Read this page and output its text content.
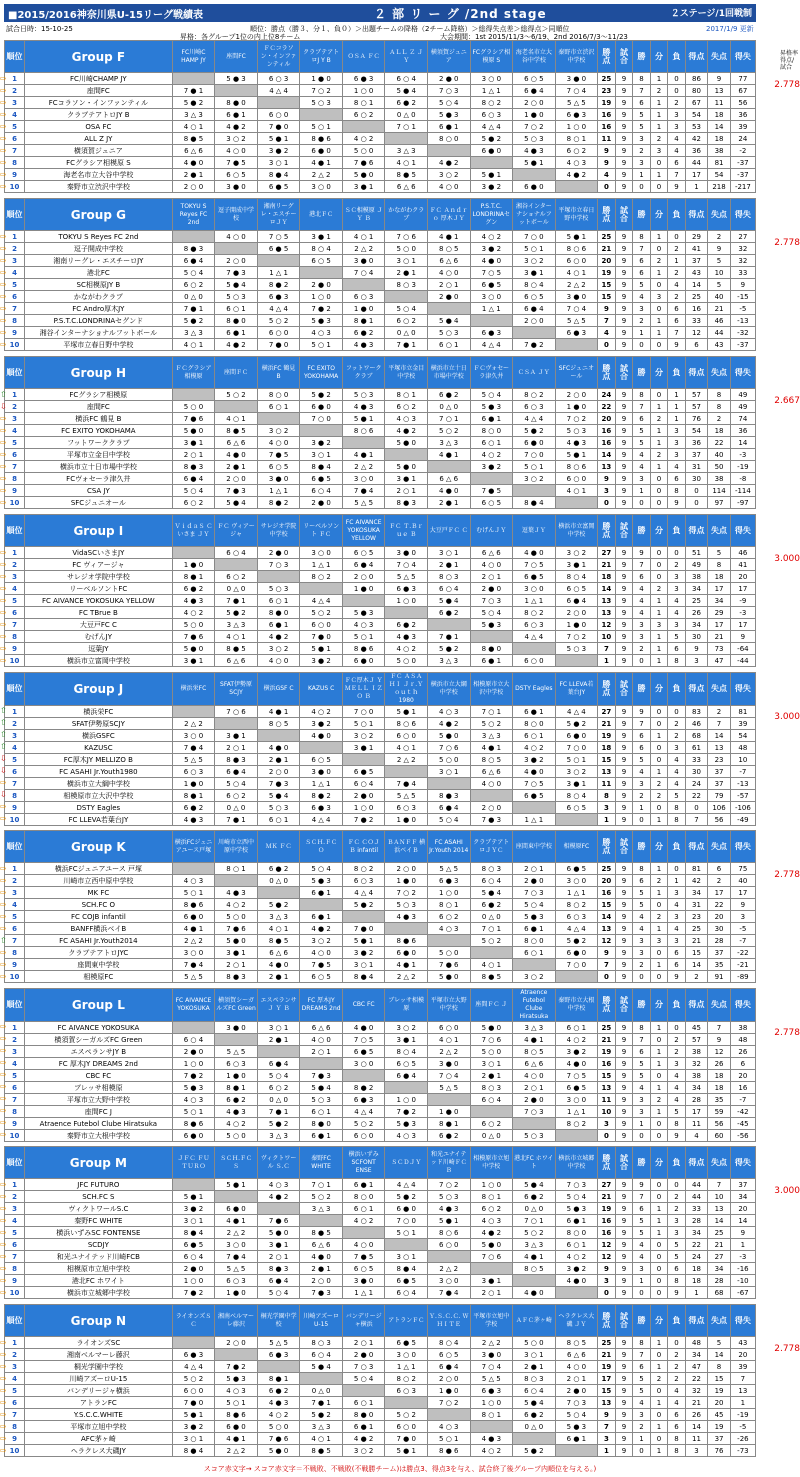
■2015/2016神奈川県U-15リーグ戦績表	２ 部 リ ー グ /2nd stage	２ステージ/1回戦制
試合日時：15-10-25	順位：勝点（勝３、分１、負０）＞出題チームの降格（2チーム降格）＞総得失点差＞総得点＞同順位
昇格：各グループ1位の内上位8チーム	大会期間：1st 2015/11/3～6/19、2nd 2016/7/3～11/23
2017/1/9 更新
昇格率 得点/試合
順位	Group F	FC川崎C HAMP JY	座間FC	ＦＣコラソン・インファンティル	クラブテアトロJ Y B	ＯＳＡ ＦＣ	ＡＬＬ Ｚ ＪＹ	横須賀ジュニア	FCグラシア相模原 S	海老名市立大谷中学校	秦野市立渋沢中学校	勝点	試合	勝	分	負	得点	失点	得失
1	FC川崎CHAMP JY		5 ● 3	6 ○ 3	1 ● 0	6 ● 3	6 ○ 4	2 ● 0	3 ○ 0	6 ○ 5	3 ● 0	25	9	8	1	0	86	9	77
2	座間FC	7 ● 1		4 △ 4	7 ○ 2	1 ○ 0	5 ● 4	7 ○ 3	1 △ 1	6 ● 4	7 ○ 4	23	9	7	2	0	80	13	67
3	FCコラソン・インファンティル	5 ● 2	8 ● 0		5 ○ 3	8 ○ 1	6 ● 2	5 ○ 4	8 ○ 2	2 ○ 0	5 △ 5	19	9	6	1	2	67	11	56
4	クラブテアトロJY B	3 △ 3	6 ● 1	6 ○ 0		6 ○ 2	0 △ 0	5 ● 3	6 ○ 3	1 ● 0	6 ● 3	16	9	5	1	3	54	18	36
5	OSA FC	4 ○ 1	4 ● 2	7 ● 0	5 ○ 1		7 ○ 1	6 ● 1	4 △ 4	7 ○ 2	1 ○ 0	16	9	5	1	3	53	14	39
6	ALL Z JY	8 ● 5	3 ○ 2	5 ● 1	8 ● 6	4 ○ 2		8 ○ 0	5 ● 2	5 ○ 3	8 ○ 1	11	9	3	2	4	42	18	24
7	横須賀ジュニア	6 △ 6	4 ○ 0	3 ● 2	6 ● 0	5 ○ 0	3 △ 3		6 ● 0	4 ● 3	6 ○ 2	9	9	2	3	4	36	38	-2
8	FCグラシア相模原 S	4 ● 0	7 ● 5	3 ○ 1	4 ● 1	7 ● 6	4 ○ 1	4 ● 2		5 ● 1	4 ○ 3	9	9	3	0	6	44	81	-37
9	海老名市立大谷中学校	2 ● 1	6 ○ 5	8 ● 4	2 △ 2	5 ● 0	8 ● 5	3 ○ 2	5 ● 1		4 ● 2	4	9	1	1	7	17	54	-37
10	秦野市立渋沢中学校	2 ○ 0	3 ● 0	6 ● 5	3 ○ 0	3 ● 1	6 △ 6	4 ○ 0	3 ● 2	6 ● 0		0	9	0	0	9	1	218	-217
⇨
⇨
⇨
⇨
⇨
⇨
⇨
⇨
⇨
⇨
2.778
順位	Group G	TOKYU S Reyes FC 2nd	逗子開成中学校	湘南リーグレ・エスチーロＪＹ	港北ＦＣ	ＳＣ相模原 ＪＹ Ｂ	かながわクラブ	ＦＣ Ａｎｄｒｏ 厚木ＪＹ	P.S.T.C. LONDRINAセグン	湘谷インターナショナルフットボール	平塚市立春日野中学校	勝点	試合	勝	分	負	得点	失点	得失
1	TOKYU S Reyes FC 2nd		4 ○ 0	7 ○ 5	3 ● 1	4 ○ 1	7 ○ 6	4 ● 1	4 ○ 2	7 ○ 0	5 ● 1	25	9	8	1	0	29	2	27
2	逗子開成中学校	8 ● 3		6 ● 5	8 ○ 4	2 △ 2	5 ○ 0	8 ○ 5	3 ● 2	5 ○ 1	8 ○ 6	21	9	7	0	2	41	9	32
3	湘南リーグレ・エスチーロJY	6 ● 4	2 ○ 0		6 ○ 5	3 ● 0	3 ○ 1	6 △ 6	4 ● 0	3 ○ 2	6 ○ 0	20	9	6	2	1	37	5	32
4	港北FC	5 ○ 4	7 ● 3	1 △ 1		7 ○ 4	2 ● 1	4 ○ 0	7 ○ 5	3 ● 1	4 ○ 1	19	9	6	1	2	43	10	33
5	SC相模原JY B	6 ○ 2	5 ● 4	8 ● 2	2 ● 0		8 ○ 3	2 ○ 1	6 ● 5	8 ○ 4	2 △ 2	15	9	5	0	4	14	5	9
6	かながわクラブ	0 △ 0	5 ○ 3	6 ● 3	1 ○ 0	6 ○ 3		2 ● 0	3 ○ 0	6 ○ 5	3 ● 0	15	9	4	3	2	25	40	-15
7	FC Andro厚木JY	7 ● 1	6 ○ 1	4 △ 4	7 ● 2	1 ● 0	5 ○ 4		1 △ 1	6 ● 4	7 ○ 4	9	9	3	0	6	16	21	-5
8	P.S.T.C.LONDRINAセグンド	5 ● 2	8 ● 0	5 ○ 2	5 ● 3	8 ● 1	6 ○ 2	5 ● 4		2 ○ 0	5 △ 5	7	9	2	1	6	33	46	-13
9	湘谷インターナショナルフットボール	3 △ 3	6 ● 1	6 ○ 0	4 ○ 3	6 ● 2	0 △ 0	5 ○ 3	6 ● 3		6 ● 3	4	9	1	1	7	12	44	-32
10	平塚市立春日野中学校	4 ○ 1	4 ● 2	7 ● 0	5 ○ 1	4 ● 3	7 ● 1	6 ○ 1	4 △ 4	7 ● 2		0	9	0	0	9	6	43	-37
⇨
⇨
⇨
⇨
⇨
⇨
⇨
⇨
⇨
⇨
2.778
順位	Group H	ＦＣグラシア相模原	座間ＦＣ	横浜FC 鶴見 B	FC EXITO YOKOHAMA	フットワーククラブ	平塚市立金目中学校	横浜市立十日市場中学校	ＦＣヴォセーラ津久井	ＣＳＡ ＪＹ	SFCジュニオール	勝点	試合	勝	分	負	得点	失点	得失
1	FCグラシア相模原		5 ○ 2	8 ○ 0	5 ● 2	5 ○ 3	8 ○ 1	6 ● 2	5 ○ 4	8 ○ 2	2 ○ 0	24	9	8	0	1	57	8	49
2	座間FC	5 ○ 0		6 ○ 1	6 ● 0	4 ● 3	6 ○ 2	0 △ 0	5 ● 3	6 ○ 3	1 ● 0	22	9	7	1	1	57	8	49
3	横浜FC 鶴見 B	7 ● 6	4 ○ 1		7 ○ 0	5 ● 1	4 ○ 3	7 ○ 1	6 ● 1	4 △ 4	7 ○ 2	20	9	6	2	1	76	2	74
4	FC EXITO YOKOHAMA	5 ● 0	8 ● 5	3 ○ 2		8 ○ 6	4 ● 2	5 ○ 2	8 ○ 0	5 ● 2	5 ○ 3	16	9	5	1	3	54	18	36
5	フットワーククラブ	3 ● 1	6 △ 6	4 ○ 0	3 ● 2		5 ● 0	3 △ 3	6 ○ 1	6 ● 0	4 ● 3	16	9	5	1	3	36	22	14
6	平塚市立金目中学校	2 ○ 1	4 ● 0	7 ● 5	3 ○ 1	4 ● 1		4 ● 1	4 ○ 2	7 ○ 0	5 ● 1	14	9	4	2	3	37	40	-3
7	横浜市立十日市場中学校	8 ● 3	2 ● 1	6 ○ 5	8 ● 4	2 △ 2	5 ● 0		3 ● 2	5 ○ 1	8 ○ 6	13	9	4	1	4	31	50	-19
8	FCヴォセーラ津久井	6 ● 4	2 ○ 0	3 ● 0	6 ● 5	3 ○ 0	3 ● 1	6 △ 6		3 ○ 2	6 ○ 0	9	9	3	0	6	30	38	-8
9	CSA JY	5 ○ 4	7 ● 3	1 △ 1	6 ○ 4	7 ● 4	2 ○ 1	4 ● 0	7 ● 5		4 ○ 1	3	9	1	0	8	0	114	-114
10	SFCジュニオール	6 ○ 2	5 ● 4	8 ● 2	2 ● 0	5 △ 5	8 ● 3	2 ● 1	6 ○ 5	8 ● 4		0	9	0	0	9	0	97	-97
⇧
⇩
⇨
⇨
⇨
⇨
⇨
⇨
⇨
⇨
2.667
順位	Group I	ＶｉｄａＳ Ｃいさま ＪＹ	ＦＣ ヴィアージャ	サレジオ学院中学校	リーベルソント ＦＣ	FC AIVANCE YOKOSUKA YELLOW	ＦＣ Ｔ.Ｂｒ ｕｅ Ｂ	大豆戸ＦＣ Ｃ	むげんＪＹ	逗葉ＪＹ	横浜市立富岡中学校	勝点	試合	勝	分	負	得点	失点	得失
1	VidaSCいさまJY		6 ○ 4	2 ● 0	3 ○ 0	6 ○ 5	3 ● 0	3 ○ 1	6 △ 6	4 ● 0	3 ○ 2	27	9	9	0	0	51	5	46
2	FC ヴィアージャ	1 ● 0		7 ○ 3	1 △ 1	6 ● 4	7 ○ 4	2 ● 1	4 ○ 0	7 ○ 5	3 ● 1	21	9	7	0	2	49	8	41
3	サレジオ学院中学校	8 ● 1	6 ○ 2		8 ○ 2	2 ○ 0	5 △ 5	8 ○ 3	2 ○ 1	6 ● 5	8 ○ 4	18	9	6	0	3	38	18	20
4	リーベルソントFC	6 ● 2	0 △ 0	5 ○ 3		1 ● 0	6 ● 3	6 ○ 4	2 ● 0	3 ○ 0	6 ○ 5	14	9	4	2	3	34	17	17
5	FC AIVANCE YOKOSUKA YELLOW	4 ● 3	7 ● 1	6 ○ 1	4 △ 4		1 ○ 0	5 ● 4	7 ○ 3	1 △ 1	6 ● 4	13	9	4	1	4	25	34	-9
6	FC TBrue B	4 ○ 2	5 ● 2	8 ● 0	5 ○ 2	5 ● 3		6 ● 2	5 ○ 4	8 ○ 2	2 ○ 0	13	9	4	1	4	26	29	-3
7	大豆戸FC C	5 ○ 0	3 △ 3	6 ● 1	6 ○ 0	4 ○ 3	6 ● 2		5 ● 3	6 ○ 3	1 ● 0	12	9	3	3	3	34	17	17
8	むげんJY	7 ● 6	4 ○ 1	4 ● 2	7 ● 0	5 ○ 1	4 ● 3	7 ● 1		4 △ 4	7 ○ 2	10	9	3	1	5	30	21	9
9	逗葉JY	5 ● 0	8 ● 5	3 ○ 2	5 ● 1	8 ● 6	4 ○ 2	5 ● 2	8 ● 0		5 ○ 3	7	9	2	1	6	9	73	-64
10	横浜市立富岡中学校	3 ● 1	6 △ 6	4 ○ 0	3 ● 2	6 ● 0	5 ○ 0	3 △ 3	6 ● 1	6 ○ 0		1	9	0	1	8	3	47	-44
⇨
⇨
⇨
⇨
⇨
⇨
⇨
⇨
⇨
⇨
3.000
順位	Group J	横浜栄FC	SFAT伊勢原 SCJY	横浜GSF C	KAZUS C	ＦＣ厚木Ｊ Ｙ ＭＥＬＬ ＩＺＯ Ｂ	ＦＣ ＡＳＡ ＨＩ Ｊｒ.Ｙ ｏｕｔｈ 1980	横浜市立大綱中学校	相模原市立大沢中学校	DSTY Eagles	FC LLEVA若葉台JY	勝点	試合	勝	分	負	得点	失点	得失
1	横浜栄FC		7 ○ 6	4 ● 1	4 ○ 2	7 ○ 0	5 ● 1	4 ○ 3	7 ○ 1	6 ● 1	4 △ 4	27	9	9	0	0	83	2	81
2	SFAT伊勢原SCJY	2 △ 2		8 ○ 5	3 ● 2	5 ○ 1	8 ○ 6	4 ● 2	5 ○ 2	8 ○ 0	5 ● 2	21	9	7	0	2	46	7	39
3	横浜GSFC	3 ○ 0	3 ● 1		4 ● 0	3 ○ 2	6 ○ 0	5 ● 0	3 △ 3	6 ○ 1	6 ● 0	19	9	6	1	2	68	14	54
4	KAZUSC	7 ● 4	2 ○ 1	4 ● 0		3 ● 1	4 ○ 1	7 ○ 6	4 ● 1	4 ○ 2	7 ○ 0	18	9	6	0	3	61	13	48
5	FC厚木JY MELLIZO B	5 △ 5	8 ● 3	2 ● 1	6 ○ 5		2 △ 2	5 ○ 0	8 ○ 5	3 ● 2	5 ○ 1	15	9	5	0	4	33	23	10
6	FC ASAHI Jr.Youth1980	6 ○ 3	6 ● 4	2 ○ 0	3 ● 0	6 ● 5		3 ○ 1	6 △ 6	4 ● 0	3 ○ 2	13	9	4	1	4	30	37	-7
7	横浜市立大綱中学校	1 ● 0	5 ○ 4	7 ● 3	1 △ 1	6 ○ 4	7 ● 4		4 ○ 0	7 ○ 5	3 ● 1	11	9	3	2	4	24	37	-13
8	相模原市立大沢中学校	8 ● 1	6 ○ 2	5 ● 4	8 ● 2	2 ● 0	5 △ 5	8 ● 3		6 ● 5	8 ○ 4	8	9	2	2	5	22	79	-57
9	DSTY Eagles	6 ● 2	0 △ 0	5 ○ 3	6 ● 3	1 ○ 0	6 ○ 3	6 ● 4	2 ○ 0		6 ○ 5	3	9	1	0	8	0	106	-106
10	FC LLEVA若葉台JY	4 ● 3	7 ● 1	6 ○ 1	4 △ 4	7 ● 2	1 ● 0	5 ○ 4	7 ● 3	1 △ 1		1	9	0	1	8	7	56	-49
⇧
⇧
⇧
⇧
⇩
⇩
⇨
⇩
⇨
⇨
3.000
順位	Group K	横浜FCジュニアユース戸塚	川崎市立西中原中学校	ＭＫ ＦＣ	ＳＣＨ.ＦＣ Ｏ	ＦＣ ＣＯＪ Ｂ infantil	ＢＡＮＦＦ 横浜ベイＢ	FC ASAHI Jr.Youth 2014	クラブテアトロＪＹＣ	座間東中学校	相模原FC	勝点	試合	勝	分	負	得点	失点	得失
1	横浜FCジュニアユース 戸塚		8 ○ 1	6 ● 2	5 ○ 4	8 ○ 2	2 ○ 0	5 △ 5	8 ○ 3	2 ○ 1	6 ● 5	25	9	8	1	0	81	6	75
2	川崎市立西中原中学校	4 ○ 3		0 △ 0	5 ● 3	6 ○ 3	1 ● 0	6 ● 3	6 ○ 4	2 ● 0	3 ○ 0	20	9	6	2	1	42	2	40
3	MK FC	5 ○ 1	4 ● 3		6 ● 1	4 △ 4	7 ○ 2	1 ○ 0	5 ● 4	7 ○ 3	1 △ 1	16	9	5	1	3	34	17	17
4	SCH.FC O	8 ● 6	4 ○ 2	5 ● 2		5 ● 2	5 ○ 3	8 ○ 1	6 ● 2	5 ○ 4	8 ○ 2	15	9	5	0	4	31	22	9
5	FC COJB infantil	6 ● 0	5 ○ 0	3 △ 3	6 ● 1		4 ● 3	6 ○ 2	0 △ 0	5 ● 3	6 ○ 3	14	9	4	2	3	23	20	3
6	BANFF横浜ベイB	4 ● 1	7 ● 6	4 ○ 1	4 ● 2	7 ● 0		4 ○ 3	7 ○ 1	6 ● 1	4 △ 4	13	9	4	1	4	25	30	-5
7	FC ASAHI Jr.Youth2014	2 △ 2	5 ● 0	8 ● 5	3 ○ 2	5 ● 1	8 ● 6		5 ○ 2	8 ○ 0	5 ● 2	12	9	3	3	3	21	28	-7
8	クラブテアトロJYC	3 ○ 0	3 ● 1	6 △ 6	4 ○ 0	3 ● 2	6 ● 0	5 ○ 0		6 ○ 1	6 ● 0	9	9	3	0	6	15	37	-22
9	座間東中学校	7 ● 4	2 ○ 1	4 ● 0	7 ● 5	3 ○ 1	4 ● 1	7 ● 6	4 ○ 1		7 ○ 0	7	9	2	1	6	14	35	-21
10	相模原FC	5 △ 5	8 ● 3	2 ● 1	6 ○ 5	8 ● 4	2 △ 2	5 ● 0	8 ● 5	3 ○ 2		0	9	0	0	9	2	91	-89
⇨
⇨
⇨
⇨
⇨
⇨
⇧
⇨
⇨
⇨
2.778
順位	Group L	FC AIVANCE YOKOSUKA	横須賀シーガルズFC Green	エスペランサＪ Ｙ Ｂ	FC 厚木JY DREAMS 2nd	CBC FC	ブレッサ相模原	平塚市立大野中学校	座間ＦＣ Ｊ	Atraence Futebol Clube Hiratsuka	秦野市立大根中学校	勝点	試合	勝	分	負	得点	失点	得失
1	FC AIVANCE YOKOSUKA		3 ● 0	3 ○ 1	6 △ 6	4 ● 0	3 ○ 2	6 ○ 0	5 ● 0	3 △ 3	6 ○ 1	25	9	8	1	0	45	7	38
2	横須賀シーガルズFC Green	6 ○ 4		2 ● 1	4 ○ 0	7 ○ 5	3 ● 1	4 ○ 1	7 ○ 6	4 ● 1	4 ○ 2	21	9	7	0	2	57	9	48
3	エスペランサJY B	2 ● 0	5 △ 5		2 ○ 1	6 ● 5	8 ○ 4	2 △ 2	5 ○ 0	8 ○ 5	3 ● 2	19	9	6	1	2	38	12	26
4	FC 厚木JY DREAMS 2nd	1 ○ 0	6 ○ 3	6 ● 4		3 ○ 0	6 ○ 5	3 ● 0	3 ○ 1	6 △ 6	4 ● 0	16	9	5	1	3	32	26	6
5	CBC FC	7 ● 2	1 ● 0	5 ○ 4	7 ● 3		6 ● 4	7 ○ 4	2 ● 1	4 ○ 0	7 ○ 5	15	9	5	0	4	38	18	20
6	ブレッサ相模原	5 ● 3	8 ● 1	6 ○ 2	5 ● 4	8 ● 2		5 △ 5	8 ○ 3	2 ○ 1	6 ● 5	13	9	4	1	4	34	18	16
7	平塚市立大野中学校	4 ○ 3	6 ● 2	0 △ 0	5 ○ 3	6 ● 3	1 ○ 0		6 ○ 4	2 ● 0	3 ○ 0	11	9	3	2	4	28	35	-7
8	座間FC J	5 ○ 1	4 ● 3	7 ● 1	6 ○ 1	4 △ 4	7 ● 2	1 ● 0		7 ○ 3	1 △ 1	10	9	3	1	5	17	59	-42
9	Atraence Futebol Clube Hiratsuka	8 ● 6	4 ○ 2	5 ● 2	8 ● 0	5 ○ 2	5 ● 3	8 ● 1	6 ○ 2		8 ○ 2	3	9	1	0	8	11	56	-45
10	秦野市立大根中学校	6 ● 0	5 ○ 0	3 △ 3	6 ● 1	6 ○ 0	4 ○ 3	6 ● 2	0 △ 0	5 ○ 3		0	9	0	0	9	4	60	-56
⇨
⇨
⇨
⇨
⇨
⇨
⇨
⇨
⇨
⇨
2.778
順位	Group M	ＪＦＣ ＦＵ ＴＵＲＯ	ＳＣＨ.ＦＣ Ｓ	ヴィクトワール Ｓ.Ｃ	秦野FC WHITE	横浜いずみ SCFONT ENSE	ＳＣＤＪＹ	和光ユナイテッド川崎ＦＣＢ	相模原市立旭中学校	港北FC ホワイト	横浜市立城郷中学校	勝点	試合	勝	分	負	得点	失点	得失
1	JFC FUTURO		5 ● 1	4 ○ 3	7 ○ 1	6 ● 1	4 △ 4	7 ○ 2	1 ○ 0	5 ● 4	7 ○ 3	27	9	9	0	0	44	7	37
2	SCH.FC S	5 ● 1		4 ● 2	5 ○ 2	8 ○ 0	5 ● 2	5 ○ 3	8 ○ 1	6 ● 2	5 ○ 4	21	9	7	0	2	44	10	34
3	ヴィクトワールS.C	3 ● 2	6 ● 0		3 △ 3	6 ○ 1	6 ● 0	4 ● 3	6 ○ 2	0 △ 0	5 ● 3	19	9	6	1	2	33	13	20
4	秦野FC WHITE	3 ○ 1	4 ● 1	7 ● 6		4 ○ 2	7 ○ 0	5 ● 1	4 ○ 3	7 ○ 1	6 ● 1	16	9	5	1	3	28	14	14
5	横浜いずみSC FONTENSE	8 ● 4	2 △ 2	5 ● 0	8 ● 5		5 ○ 1	8 ○ 6	4 ● 2	5 ○ 2	8 ○ 0	16	9	5	1	3	34	25	9
6	SCDJY	6 ● 5	3 ○ 0	3 ● 1	6 △ 6	4 ○ 0		6 ○ 0	5 ● 0	3 △ 3	6 ○ 1	12	9	4	0	5	22	21	1
7	和光ユナイテッド川崎FCB	6 ○ 4	7 ● 4	2 ○ 1	4 ● 0	7 ● 5	3 ○ 1		7 ○ 6	4 ● 1	4 ○ 2	12	9	4	0	5	24	27	-3
8	相模原市立旭中学校	2 ● 0	5 △ 5	8 ● 3	2 ● 1	6 ○ 5	8 ● 4	2 △ 2		8 ○ 5	3 ● 2	9	9	3	0	6	18	34	-16
9	港北FC ホワイト	1 ○ 0	6 ○ 3	6 ● 4	2 ○ 0	3 ● 0	6 ● 5	3 ○ 0	3 ● 1		4 ● 0	3	9	1	0	8	18	28	-10
10	横浜市立城郷中学校	7 ● 2	1 ● 0	5 ○ 4	7 ● 3	1 △ 1	6 ○ 4	7 ● 4	2 ○ 1	4 ● 0		0	9	0	0	9	1	68	-67
⇨
⇨
⇨
⇨
⇨
⇨
⇨
⇨
⇨
⇨
3.000
順位	Group N	ライオンズＳＣ	湘南ベルマーレ藤沢	桐光学園中学校	川崎アズーロU-15	バンデリージャ横浜	アトランＦＣ	Ｙ.Ｓ.Ｃ.Ｃ. ＷＨＩＴＥ	平塚市立旭中学校	ＡＦＣ茅ヶ崎	ヘラクレス大磯 ＪＹ	勝点	試合	勝	分	負	得点	失点	得失
1	ライオンズSC		2 ○ 0	5 △ 5	8 ○ 3	2 ○ 1	6 ● 5	8 ○ 4	2 △ 2	5 ○ 0	8 ○ 5	25	9	8	1	0	48	5	43
2	湘南ベルマーレ藤沢	6 ● 3		6 ● 3	6 ○ 4	2 ● 0	3 ○ 0	6 ○ 5	3 ● 0	3 ○ 1	6 △ 6	21	9	7	0	2	34	14	20
3	桐光学園中学校	4 △ 4	7 ● 2		5 ● 4	7 ○ 3	1 △ 1	6 ● 4	7 ○ 4	2 ● 1	4 ○ 0	19	9	6	1	2	47	8	39
4	川崎アズーロU-15	5 ○ 2	5 ● 3	8 ● 1		5 ○ 4	8 ○ 2	2 ○ 0	5 △ 5	8 ○ 3	2 ○ 1	17	9	5	2	2	22	15	7
5	バンデリージャ横浜	6 ○ 0	4 ○ 3	6 ● 2	0 △ 0		6 ○ 3	1 ● 0	6 ● 3	6 ○ 4	2 ● 0	15	9	5	0	4	32	19	13
6	アトランFC	7 ● 0	5 ○ 1	4 ● 3	7 ● 1	6 ○ 1		7 ○ 2	1 ○ 0	5 ● 4	7 ○ 3	13	9	4	1	4	21	20	1
7	Y.S.C.C.WHITE	5 ● 1	8 ● 6	4 ○ 2	5 ● 2	8 ● 0	5 ○ 2		8 ○ 1	6 ● 2	5 ○ 4	9	9	3	0	6	26	45	-19
8	平塚市立旭中学校	3 ● 2	6 ● 0	5 ○ 0	3 △ 3	6 ● 1	6 ○ 0	4 ○ 3		0 △ 0	5 ● 3	7	9	2	1	6	14	19	-5
9	AFC茅ヶ崎	3 ○ 1	4 ● 1	7 ● 6	4 ○ 1	4 ● 2	7 ● 0	5 ○ 1	4 ● 3		6 ● 1	3	9	1	0	8	11	37	-26
10	ヘラクレス大磯JY	8 ● 4	2 △ 2	5 ● 0	8 ● 5	3 ○ 2	5 ● 1	8 ● 6	4 ○ 2	5 ● 2		1	9	0	1	8	3	76	-73
⇨
⇨
⇨
⇨
⇨
⇨
⇨
⇨
⇨
⇨
2.778
スコア赤文字→ スコア赤文字＝不戦敗、不戦敗(不戦勝チーム)は勝点3、得点3を与え、試合終了後グループ内順位を与える。)
